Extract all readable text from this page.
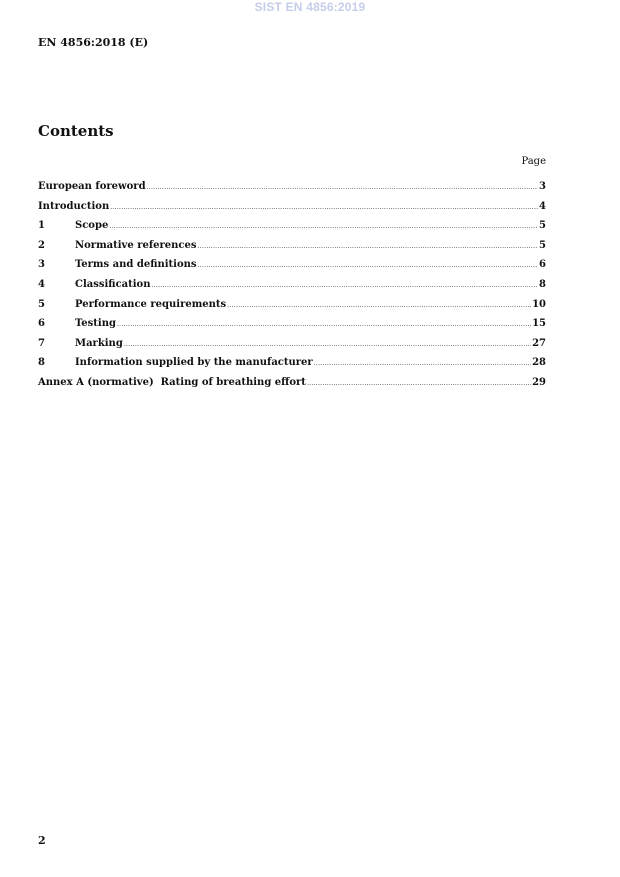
SIST EN 4856:2019
EN 4856:2018 (E)
Contents
Page
European foreword .....	3
Introduction .....	4
1	Scope .....	5
2	Normative references .....	5
3	Terms and definitions .....	6
4	Classification .....	8
5	Performance requirements .....	10
6	Testing .....	15
7	Marking .....	27
8	Information supplied by the manufacturer .....	28
Annex A (normative)  Rating of breathing effort .....	29
2
